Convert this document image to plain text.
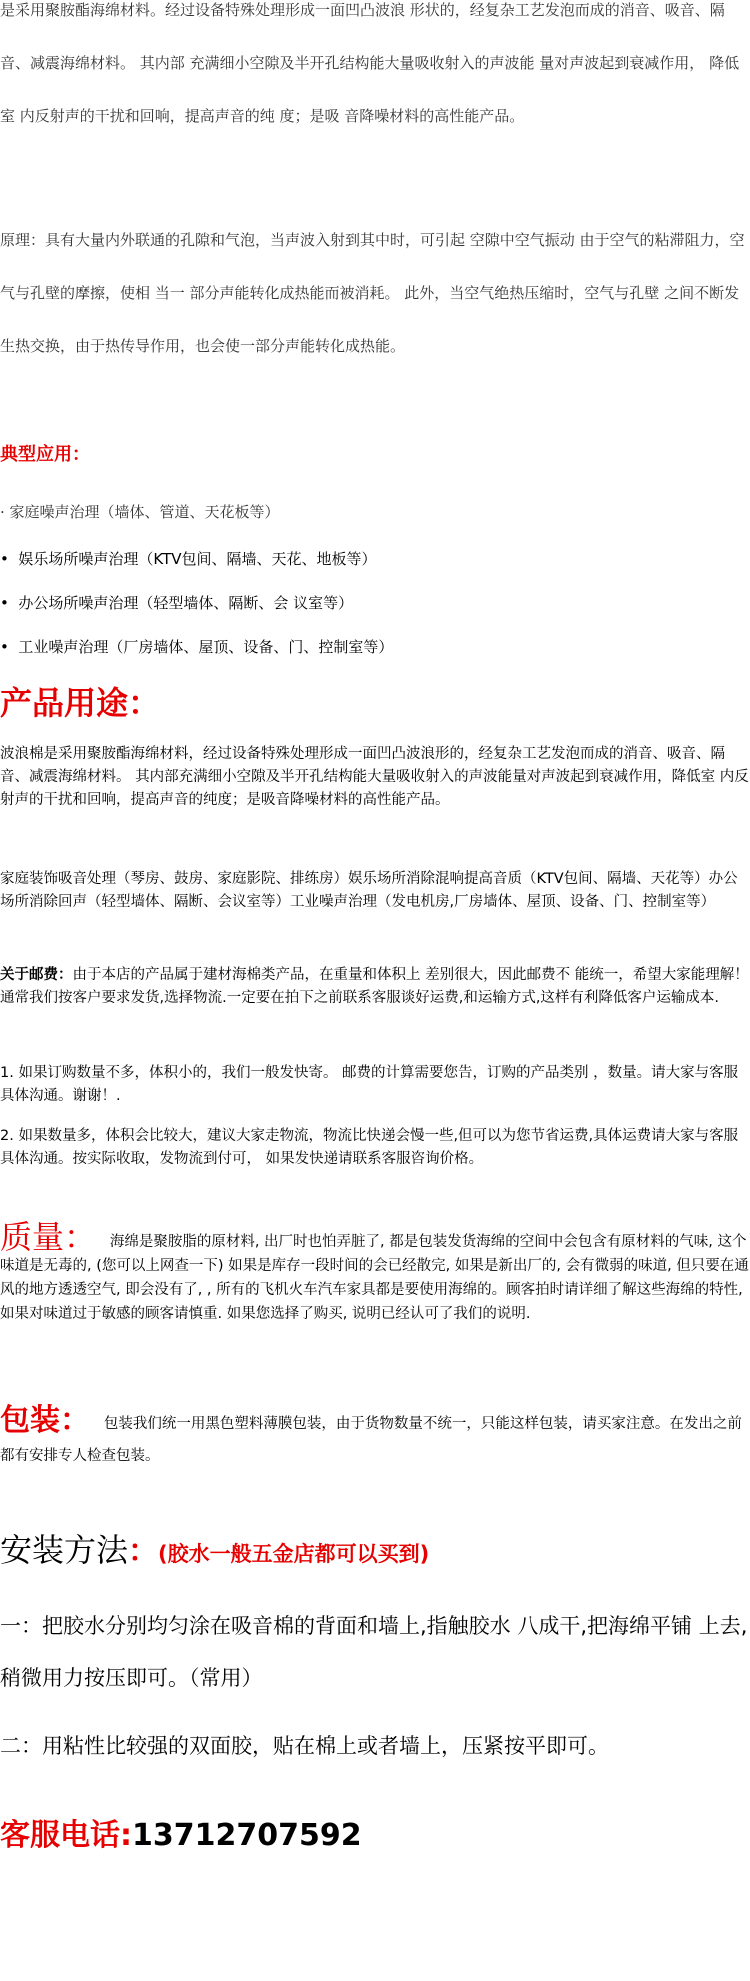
是采用聚胺酯海绵材料。经过设备特殊处理形成一面凹凸波浪 形状的，经复杂工艺发泡而成的消音、吸音、隔 音、减震海绵材料。 其内部 充满细小空隙及半开孔结构能大量吸收射入的声波能 量对声波起到衰减作用， 降低室 内反射声的干扰和回响，提高声音的纯 度；是吸 音降噪材料的高性能产品。

原理：具有大量内外联通的孔隙和气泡，当声波入射到其中时，可引起 空隙中空气振动 由于空气的粘滞阻力，空气与孔壁的摩擦，使相 当一 部分声能转化成热能而被消耗。 此外，当空气绝热压缩时，空气与孔壁 之间不断发生热交换，由于热传导作用，也会使一部分声能转化成热能。

典型应用：

· 家庭噪声治理（墙体、管道、天花板等）

• 娱乐场所噪声治理（KTV包间、隔墙、天花、地板等）

• 办公场所噪声治理（轻型墙体、隔断、会 议室等）

• 工业噪声治理（厂房墙体、屋顶、设备、门、控制室等）

产品用途：

波浪棉是采用聚胺酯海绵材料，经过设备特殊处理形成一面凹凸波浪形的，经复杂工艺发泡而成的消音、吸音、隔音、减震海绵材料。 其内部充满细小空隙及半开孔结构能大量吸收射入的声波能量对声波起到衰减作用，降低室 内反射声的干扰和回响，提高声音的纯度；是吸音降噪材料的高性能产品。

家庭装饰吸音处理（琴房、鼓房、家庭影院、排练房）娱乐场所消除混响提高音质（KTV包间、隔墙、天花等）办公场所消除回声（轻型墙体、隔断、会议室等）工业噪声治理（发电机房,厂房墙体、屋顶、设备、门、控制室等）

关于邮费：由于本店的产品属于建材海棉类产品，在重量和体积上 差别很大，因此邮费不 能统一，希望大家能理解！通常我们按客户要求发货,选择物流.一定要在拍下之前联系客服谈好运费,和运输方式,这样有利降低客户运输成本.

1. 如果订购数量不多，体积小的，我们一般发快寄。 邮费的计算需要您告，订购的产品类别 ，数量。请大家与客服具体沟通。谢谢！.

2. 如果数量多，体积会比较大，建议大家走物流，物流比快递会慢一些,但可以为您节省运费,具体运费请大家与客服具体沟通。按实际收取，发物流到付可， 如果发快递请联系客服咨询价格。

质量： 海绵是聚胺脂的原材料, 出厂时也怕弄脏了, 都是包装发货海绵的空间中会包含有原材料的气味, 这个味道是无毒的, (您可以上网查一下) 如果是库存一段时间的会已经散完, 如果是新出厂的, 会有微弱的味道, 但只要在通风的地方透透空气, 即会没有了, , 所有的飞机火车汽车家具都是要使用海绵的。顾客拍时请详细了解这些海绵的特性, 如果对味道过于敏感的顾客请慎重. 如果您选择了购买, 说明已经认可了我们的说明.

包装： 包装我们统一用黑色塑料薄膜包装，由于货物数量不统一，只能这样包装，请买家注意。在发出之前都有安排专人检查包装。

安装方法：(胶水一般五金店都可以买到)

一：把胶水分别均匀涂在吸音棉的背面和墙上,指触胶水 八成干,把海绵平铺 上去,稍微用力按压即可。（常用）

二：用粘性比较强的双面胶，贴在棉上或者墙上，压紧按平即可。

客服电话:13712707592
